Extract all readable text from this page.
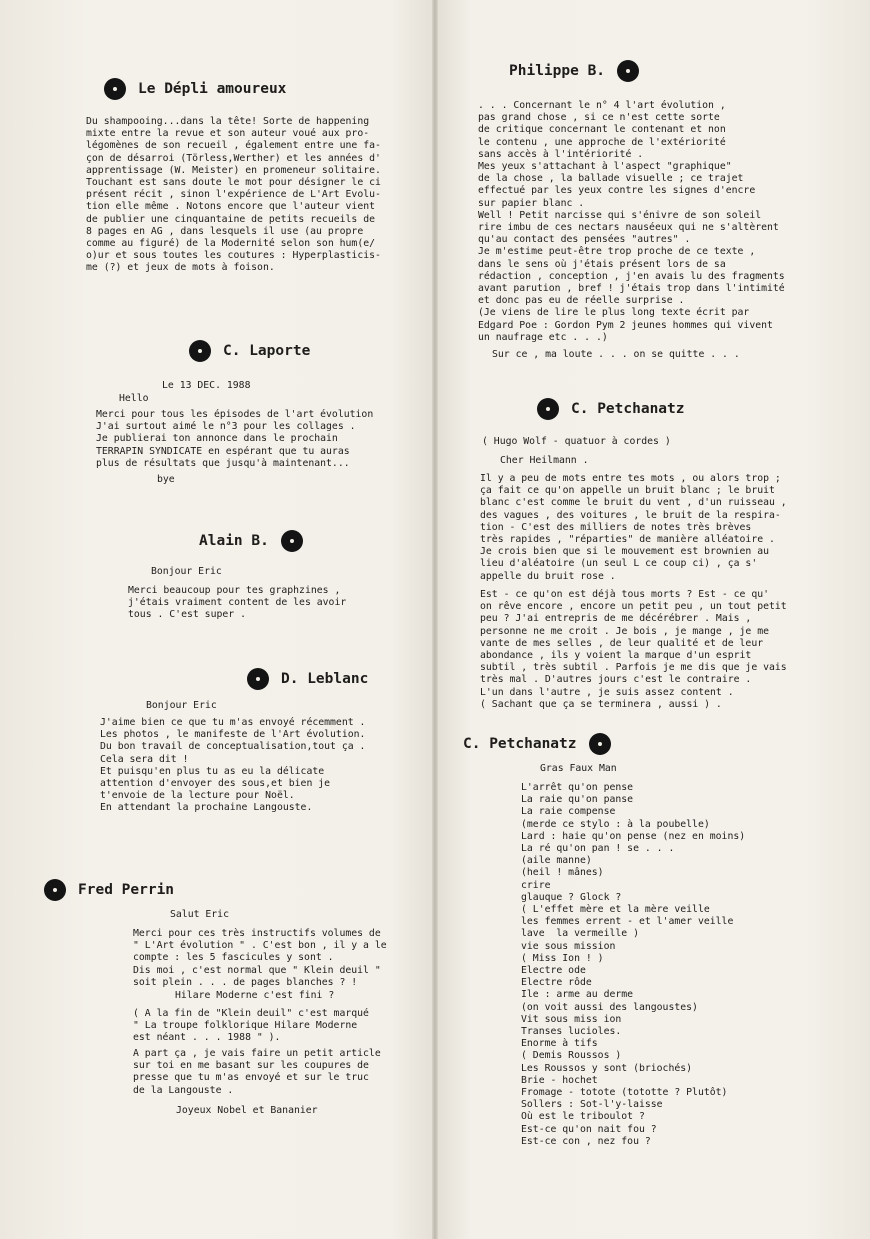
Le Dépli amoureux
Du shampooing...dans la tête! Sorte de happening
mixte entre la revue et son auteur voué aux pro-
légomènes de son recueil , également entre une fa-
çon de désarroi (Törless,Werther) et les années d'
apprentissage (W. Meister) en promeneur solitaire.
Touchant est sans doute le mot pour désigner le ci
présent récit , sinon l'expérience de L'Art Evolu-
tion elle même . Notons encore que l'auteur vient
de publier une cinquantaine de petits recueils de
8 pages en AG , dans lesquels il use (au propre
comme au figuré) de la Modernité selon son hum(e/
o)ur et sous toutes les coutures : Hyperplasticis-
me (?) et jeux de mots à foison.
C. Laporte
Le 13 DEC. 1988
Hello
Merci pour tous les épisodes de l'art évolution
J'ai surtout aimé le n°3 pour les collages .
Je publierai ton annonce dans le prochain
TERRAPIN SYNDICATE en espérant que tu auras
plus de résultats que jusqu'à maintenant...
bye
Alain B.
Bonjour Eric
Merci beaucoup pour tes graphzines ,
j'étais vraiment content de les avoir
tous . C'est super .
D. Leblanc
Bonjour Eric
J'aime bien ce que tu m'as envoyé récemment .
Les photos , le manifeste de l'Art évolution.
Du bon travail de conceptualisation,tout ça .
Cela sera dit !
Et puisqu'en plus tu as eu la délicate
attention d'envoyer des sous,et bien je
t'envoie de la lecture pour Noël.
En attendant la prochaine Langouste.
Fred Perrin
Salut Eric
Merci pour ces très instructifs volumes de
" L'Art évolution " . C'est bon , il y a le
compte : les 5 fascicules y sont .
Dis moi , c'est normal que " Klein deuil "
soit plein . . . de pages blanches ? !
Hilare Moderne c'est fini ?
( A la fin de "Klein deuil" c'est marqué
" La troupe folklorique Hilare Moderne
est néant . . . 1988 " ).
A part ça , je vais faire un petit article
sur toi en me basant sur les coupures de
presse que tu m'as envoyé et sur le truc
de la Langouste .
Joyeux Nobel et Bananier
Philippe B.
. . . Concernant le n° 4 l'art évolution ,
pas grand chose , si ce n'est cette sorte
de critique concernant le contenant et non
le contenu , une approche de l'extériorité
sans accès à l'intériorité .
Mes yeux s'attachant à l'aspect "graphique"
de la chose , la ballade visuelle ; ce trajet
effectué par les yeux contre les signes d'encre
sur papier blanc .
Well ! Petit narcisse qui s'énivre de son soleil
rire imbu de ces nectars nauséeux qui ne s'altèrent
qu'au contact des pensées "autres" .
Je m'estime peut-être trop proche de ce texte ,
dans le sens où j'étais présent lors de sa
rédaction , conception , j'en avais lu des fragments
avant parution , bref ! j'étais trop dans l'intimité
et donc pas eu de réelle surprise .
(Je viens de lire le plus long texte écrit par
Edgard Poe : Gordon Pym 2 jeunes hommes qui vivent
un naufrage etc . . .)
Sur ce , ma loute . . . on se quitte . . .
C. Petchanatz
( Hugo Wolf - quatuor à cordes )
Cher Heilmann .
Il y a peu de mots entre tes mots , ou alors trop ;
ça fait ce qu'on appelle un bruit blanc ; le bruit
blanc c'est comme le bruit du vent , d'un ruisseau ,
des vagues , des voitures , le bruit de la respira-
tion - C'est des milliers de notes très brèves
très rapides , "réparties" de manière alléatoire .
Je crois bien que si le mouvement est brownien au
lieu d'aléatoire (un seul L ce coup ci) , ça s'
appelle du bruit rose .
Est - ce qu'on est déjà tous morts ? Est - ce qu'
on rêve encore , encore un petit peu , un tout petit
peu ? J'ai entrepris de me décérébrer . Mais ,
personne ne me croit . Je bois , je mange , je me
vante de mes selles , de leur qualité et de leur
abondance , ils y voient la marque d'un esprit
subtil , très subtil . Parfois je me dis que je vais
très mal . D'autres jours c'est le contraire .
L'un dans l'autre , je suis assez content .
( Sachant que ça se terminera , aussi ) .
C. Petchanatz
Gras Faux Man
L'arrêt qu'on pense
La raie qu'on panse
La raie compense
(merde ce stylo : à la poubelle)
Lard : haie qu'on pense (nez en moins)
La ré qu'on pan ! se . . .
(aile manne)
(heil ! mânes)
crire
glauque ? Glock ?
( L'effet mère et la mère veille
les femmes errent - et l'amer veille
lave  la vermeille )
vie sous mission
( Miss Ion ! )
Electre ode
Electre rôde
Ile : arme au derme
(on voit aussi des langoustes)
Vit sous miss ion
Transes lucioles.
Enorme à tifs
( Demis Roussos )
Les Roussos y sont (briochés)
Brie - hochet
Fromage - totote (tototte ? Plutôt)
Sollers : Sot-l'y-laisse
Où est le triboulot ?
Est-ce qu'on nait fou ?
Est-ce con , nez fou ?
